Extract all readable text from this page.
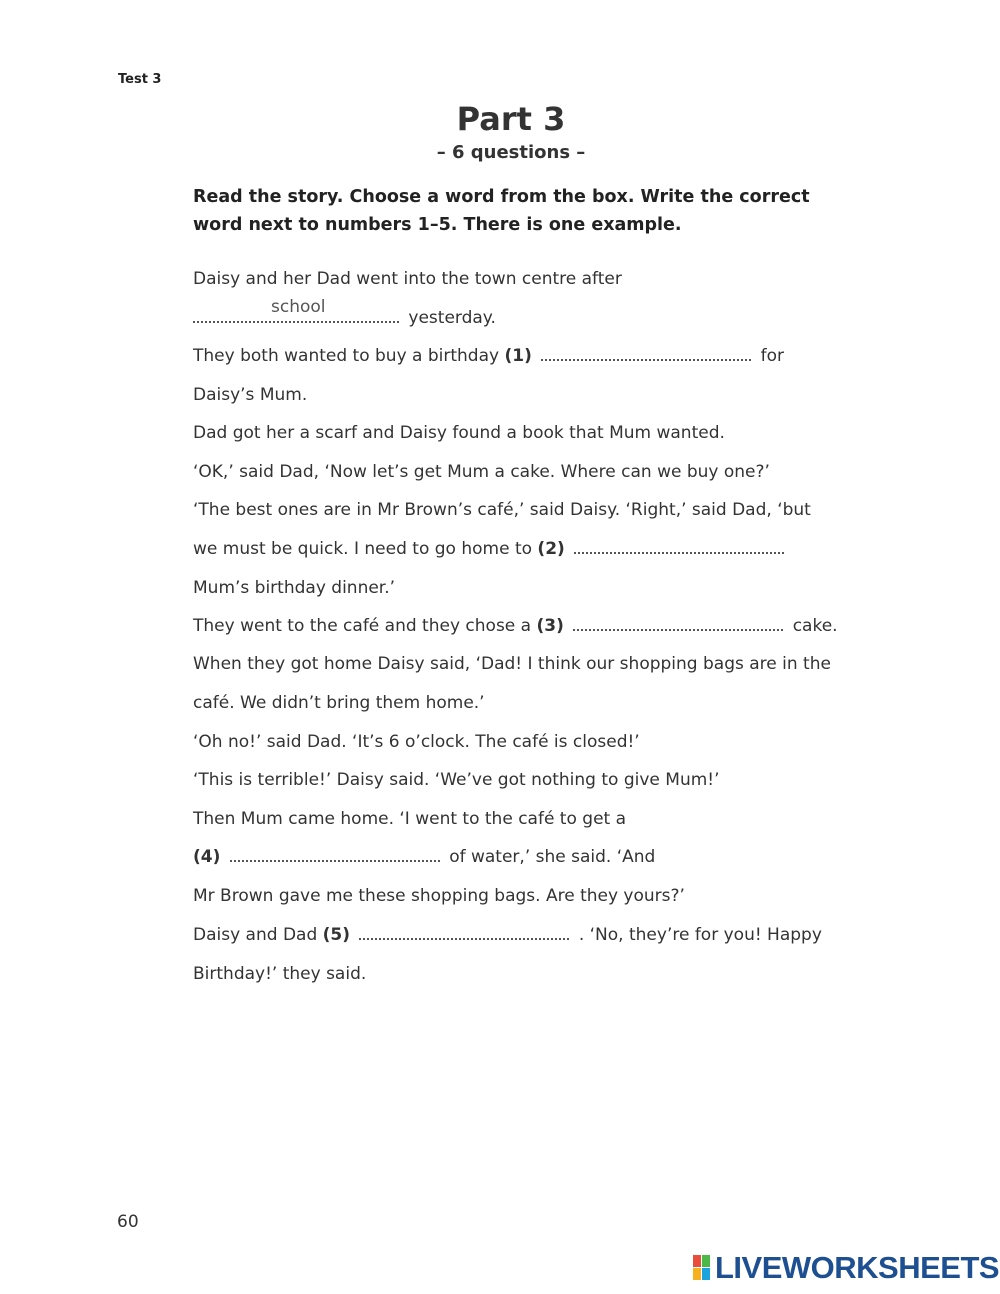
Test 3
Part 3
– 6 questions –
Read the story. Choose a word from the box. Write the correct word next to numbers 1–5. There is one example.
Daisy and her Dad went into the town centre after
school
yesterday.
They both wanted to buy a birthday (1)	for
Daisy’s Mum.
Dad got her a scarf and Daisy found a book that Mum wanted.
‘OK,’ said Dad, ‘Now let’s get Mum a cake. Where can we buy one?’
‘The best ones are in Mr Brown’s café,’ said Daisy. ‘Right,’ said Dad, ‘but
we must be quick. I need to go home to (2)
Mum’s birthday dinner.’
They went to the café and they chose a (3)	cake.
When they got home Daisy said, ‘Dad! I think our shopping bags are in the
café. We didn’t bring them home.’
‘Oh no!’ said Dad. ‘It’s 6 o’clock. The café is closed!’
‘This is terrible!’ Daisy said. ‘We’ve got nothing to give Mum!’
Then Mum came home. ‘I went to the café to get a
(4)	of water,’ she said. ‘And
Mr Brown gave me these shopping bags. Are they yours?’
Daisy and Dad (5)	. ‘No, they’re for you! Happy
Birthday!’ they said.
60
LIVEWORKSHEETS
